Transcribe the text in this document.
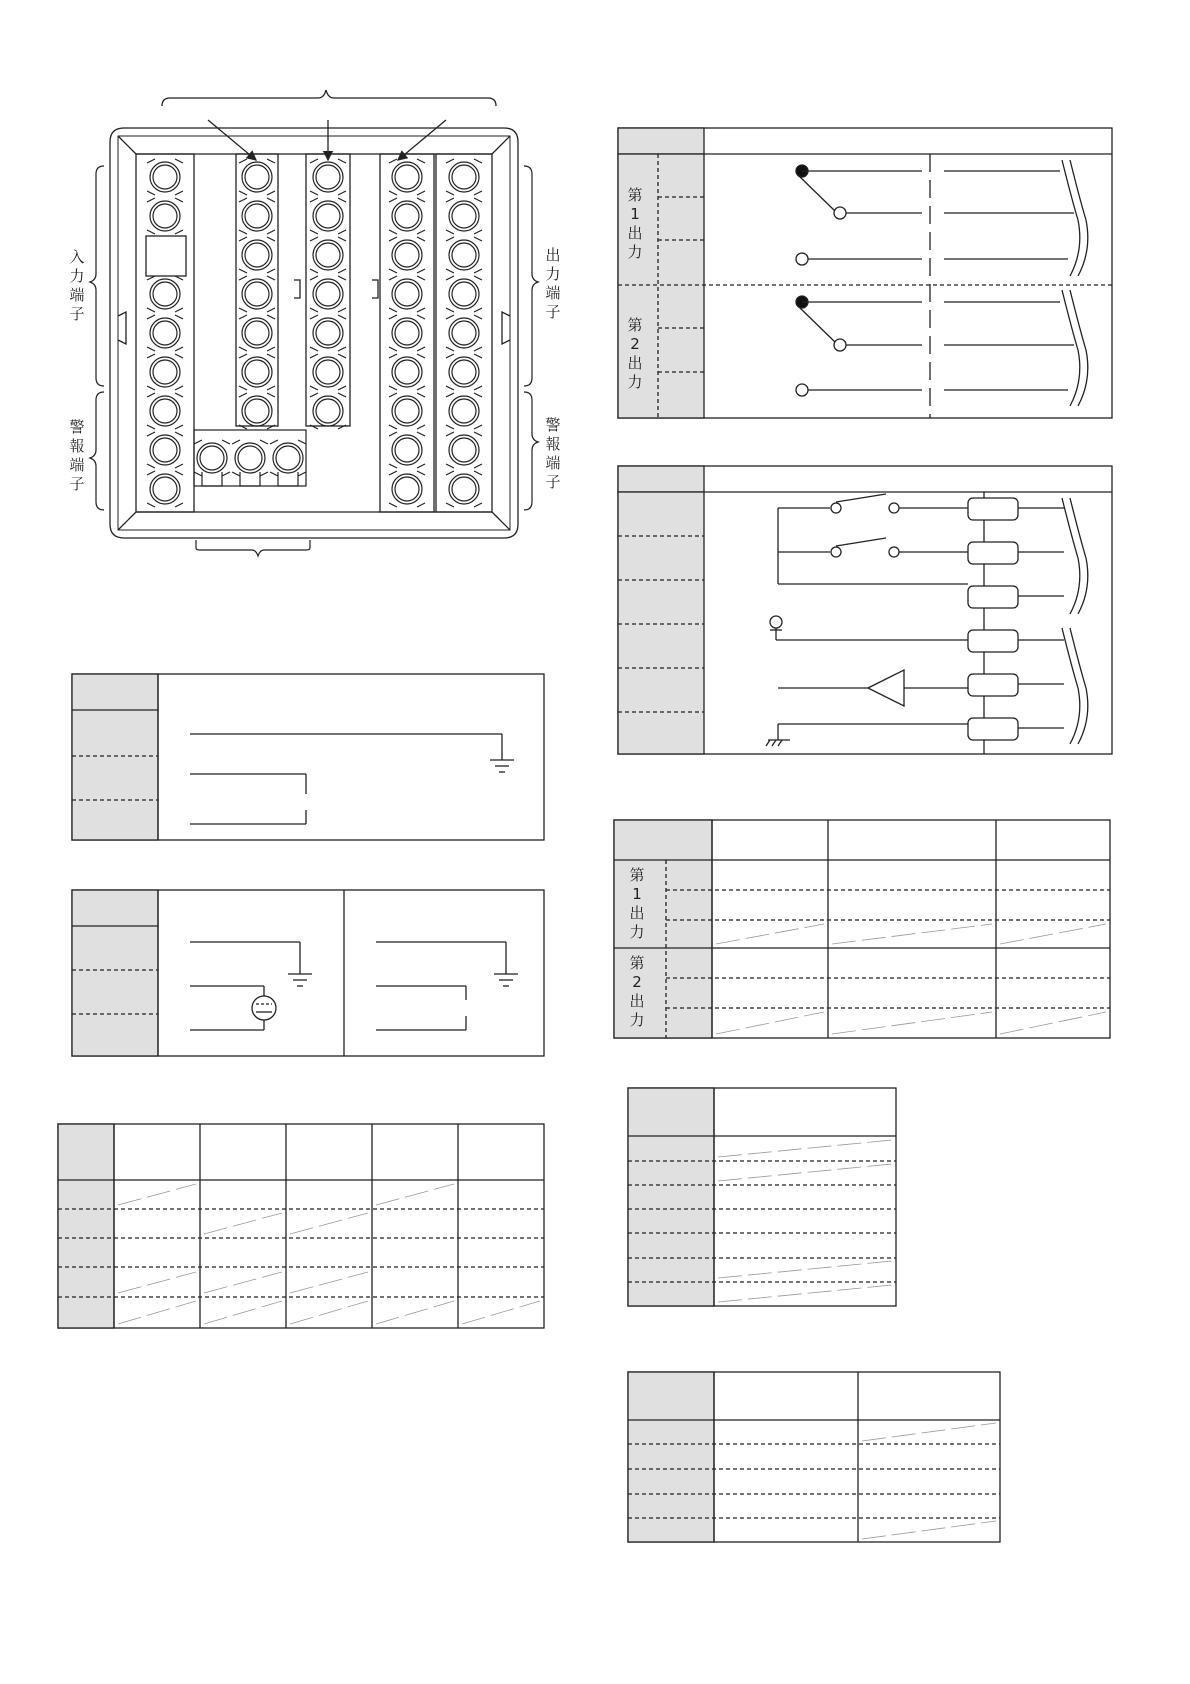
入
力
端
子
警
報
端
子
出
力
端
子
警
報
端
子
第
1
出
力
第
2
出
力
第
1
出
力
第
2
出
力
